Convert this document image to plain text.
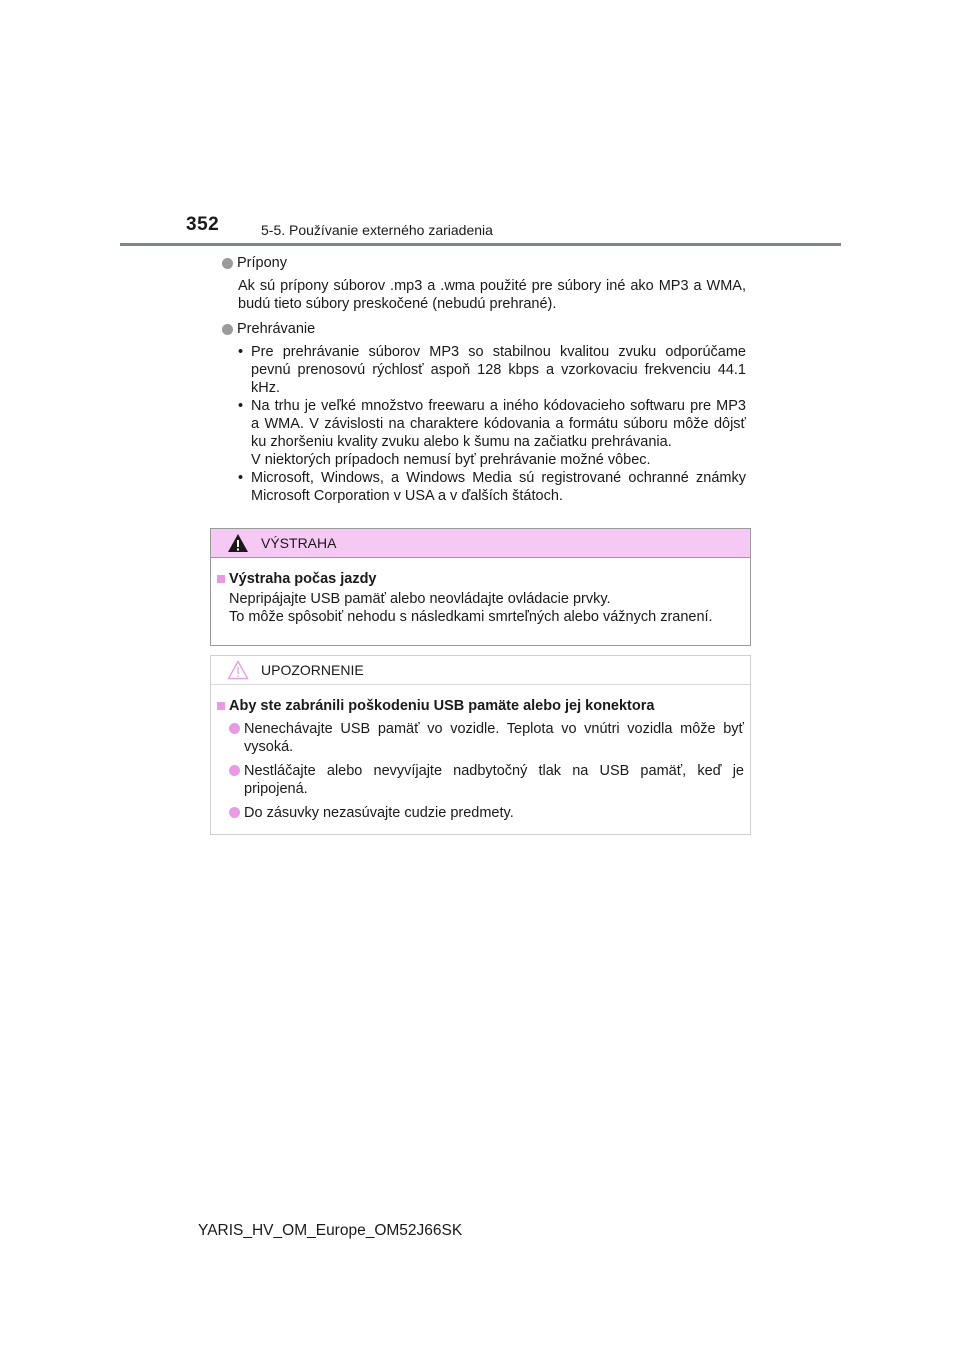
352	5-5. Používanie externého zariadenia
Prípony

Ak sú prípony súborov .mp3 a .wma použité pre súbory iné ako MP3 a WMA, budú tieto súbory preskočené (nebudú prehrané).

Prehrávanie

• Pre prehrávanie súborov MP3 so stabilnou kvalitou zvuku odporúčame pevnú prenosovú rýchlosť aspoň 128 kbps a vzorkovaciu frekvenciu 44.1 kHz.

• Na trhu je veľké množstvo freewaru a iného kódovacieho softwaru pre MP3 a WMA. V závislosti na charaktere kódovania a formátu súboru môže dôjsť ku zhoršeniu kvality zvuku alebo k šumu na začiatku prehrávania.

V niektorých prípadoch nemusí byť prehrávanie možné vôbec.

• Microsoft, Windows, a Windows Media sú registrované ochranné známky Microsoft Corporation v USA a v ďalších štátoch.

VÝSTRAHA
Výstraha počas jazdy

Nepripájajte USB pamäť alebo neovládajte ovládacie prvky.

To môže spôsobiť nehodu s následkami smrteľných alebo vážnych zranení.

UPOZORNENIE
Aby ste zabránili poškodeniu USB pamäte alebo jej konektora
Nenechávajte USB pamäť vo vozidle. Teplota vo vnútri vozidla môže byť vysoká.
Nestláčajte alebo nevyvíjajte nadbytočný tlak na USB pamäť, keď je pripojená.
Do zásuvky nezasúvajte cudzie predmety.
YARIS_HV_OM_Europe_OM52J66SK
